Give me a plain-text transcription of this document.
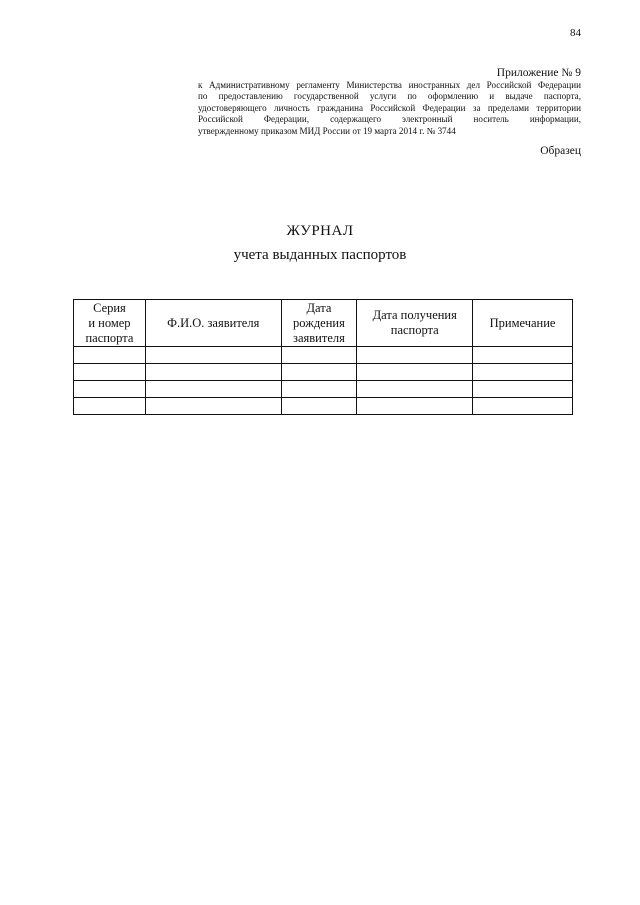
84
Приложение № 9
к Административному регламенту Министерства иностранных дел Российской Федерации
по предоставлению государственной услуги по оформлению и выдаче паспорта,
удостоверяющего личность гражданина Российской Федерации за пределами территории
Российской Федерации, содержащего электронный носитель информации,
утвержденному приказом МИД России от 19 марта 2014 г. № 3744
Образец
ЖУРНАЛ
учета выданных паспортов
Серия
и номер
паспорта	Ф.И.О. заявителя	Дата
рождения
заявителя	Дата получения
паспорта	Примечание
